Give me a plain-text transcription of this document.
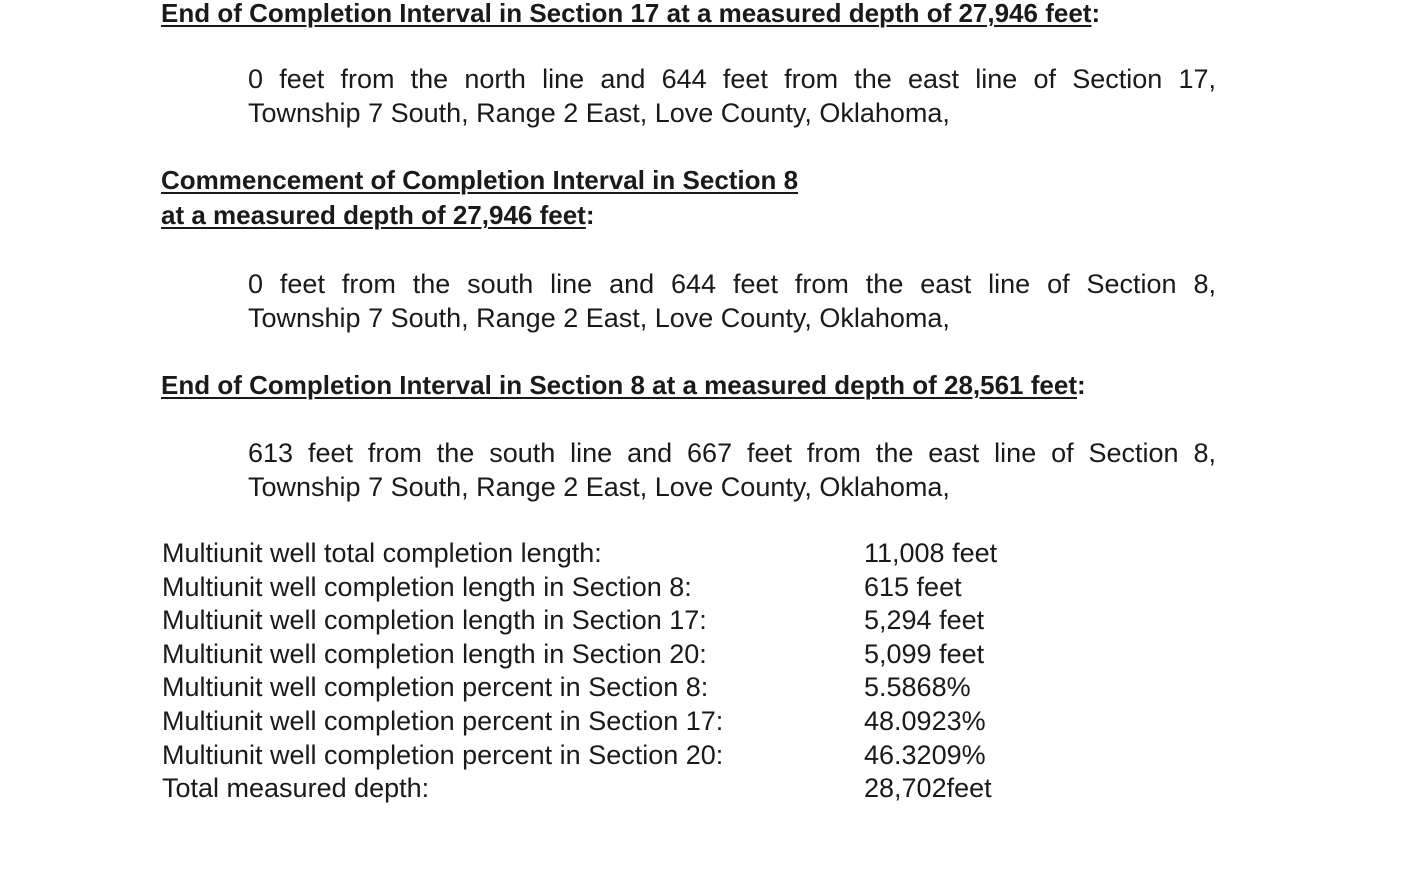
End of Completion Interval in Section 17 at a measured depth of 27,946 feet:
0 feet from the north line and 644 feet from the east line of Section 17,
Township 7 South, Range 2 East, Love County, Oklahoma,
Commencement of Completion Interval in Section 8
at a measured depth of 27,946 feet:
0 feet from the south line and 644 feet from the east line of Section 8,
Township 7 South, Range 2 East, Love County, Oklahoma,
End of Completion Interval in Section 8 at a measured depth of 28,561 feet:
613 feet from the south line and 667 feet from the east line of Section 8,
Township 7 South, Range 2 East, Love County, Oklahoma,
Multiunit well total completion length:	11,008 feet
Multiunit well completion length in Section 8:	615 feet
Multiunit well completion length in Section 17:	5,294 feet
Multiunit well completion length in Section 20:	5,099 feet
Multiunit well completion percent in Section 8:	5.5868%
Multiunit well completion percent in Section 17:	48.0923%
Multiunit well completion percent in Section 20:	46.3209%
Total measured depth:	28,702feet
